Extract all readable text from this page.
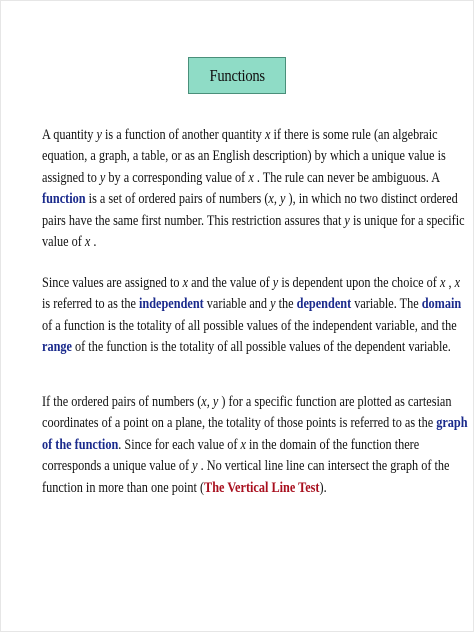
Functions
A quantity y is a function of another quantity x if there is some rule (an algebraic
equation, a graph, a table, or as an English description) by which a unique value is
assigned to y by a corresponding value of x . The rule can never be ambiguous. A
function is a set of ordered pairs of numbers (x, y ), in which no two distinct ordered
pairs have the same first number. This restriction assures that y is unique for a specific
value of x .
Since values are assigned to x and the value of y is dependent upon the choice of x , x
is referred to as the independent variable and y the dependent variable. The domain
of a function is the totality of all possible values of the independent variable, and the
range of the function is the totality of all possible values of the dependent variable.
If the ordered pairs of numbers (x, y ) for a specific function are plotted as cartesian
coordinates of a point on a plane, the totality of those points is referred to as the graph
of the function. Since for each value of x in the domain of the function there
corresponds a unique value of y . No vertical line line can intersect the graph of the
function in more than one point (The Vertical Line Test).
